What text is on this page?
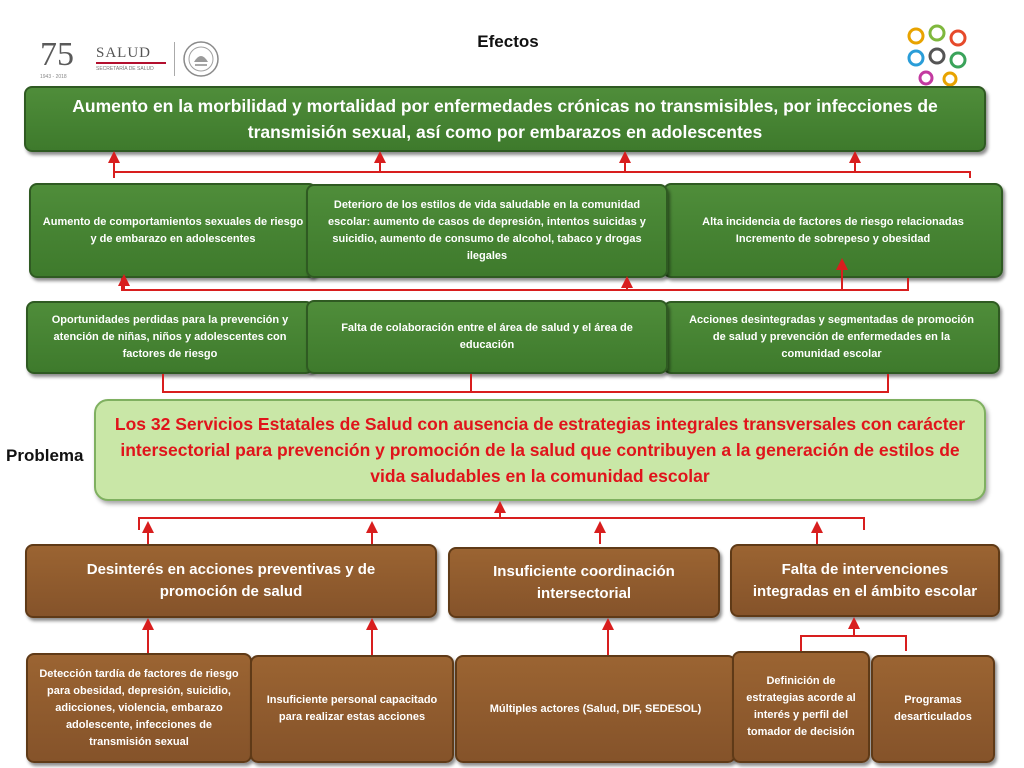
75
1943 - 2018
SALUD
SECRETARÍA DE SALUD
Efectos
Aumento en la morbilidad y mortalidad por enfermedades crónicas no transmisibles, por infecciones de transmisión sexual, así como por embarazos en adolescentes
Aumento de comportamientos sexuales de riesgo y de embarazo en adolescentes
Alta incidencia de factores de riesgo relacionadas Incremento de sobrepeso y obesidad
Deterioro de los estilos de vida saludable en la comunidad escolar: aumento de casos de depresión, intentos suicidas y suicidio, aumento de consumo de alcohol, tabaco y drogas ilegales
Oportunidades perdidas para la prevención y atención de niñas, niños y adolescentes con factores de riesgo
Acciones desintegradas y segmentadas de promoción de salud y prevención de enfermedades en la comunidad escolar
Falta de colaboración entre el área de salud y el área de educación
Problema
Los 32 Servicios Estatales de Salud con ausencia de estrategias integrales transversales con carácter intersectorial para prevención y promoción de la salud que contribuyen a la generación de estilos de vida saludables en la comunidad escolar
Desinterés en acciones preventivas y de promoción de salud
Insuficiente coordinación intersectorial
Falta de intervenciones integradas en el ámbito escolar
Detección tardía de factores de riesgo para obesidad, depresión, suicidio, adicciones, violencia, embarazo adolescente, infecciones de transmisión sexual
Insuficiente personal capacitado para realizar estas acciones
Múltiples actores (Salud, DIF, SEDESOL)
Definición de estrategias acorde al interés y perfil del tomador de decisión
Programas desarticulados
